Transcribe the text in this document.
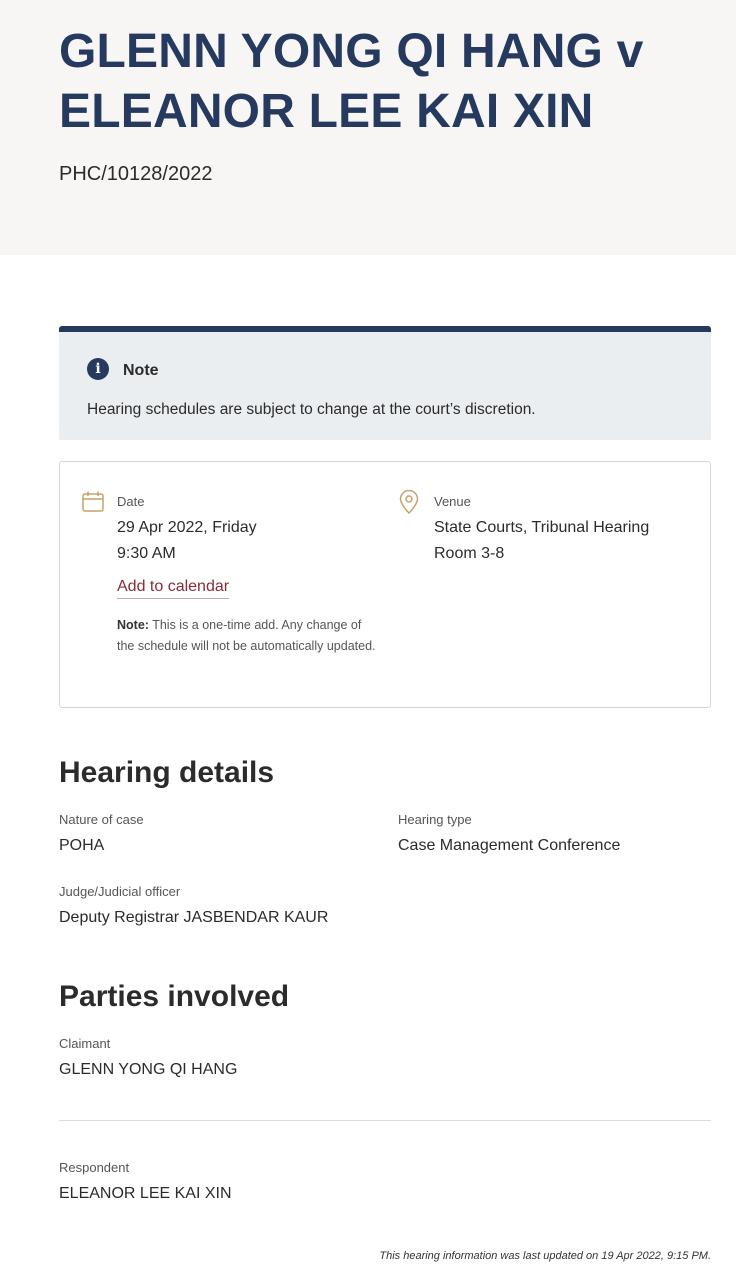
GLENN YONG QI HANG v ELEANOR LEE KAI XIN
PHC/10128/2022
i	Note
Hearing schedules are subject to change at the court’s discretion.
Date
29 Apr 2022, Friday
9:30 AM
Add to calendar
Note: This is a one-time add. Any change of the schedule will not be automatically updated.
Venue
State Courts, Tribunal Hearing Room 3-8
Hearing details
Nature of case
POHA
Hearing type
Case Management Conference
Judge/Judicial officer
Deputy Registrar JASBENDAR KAUR
Parties involved
Claimant
GLENN YONG QI HANG
Respondent
ELEANOR LEE KAI XIN
This hearing information was last updated on 19 Apr 2022, 9:15 PM.
